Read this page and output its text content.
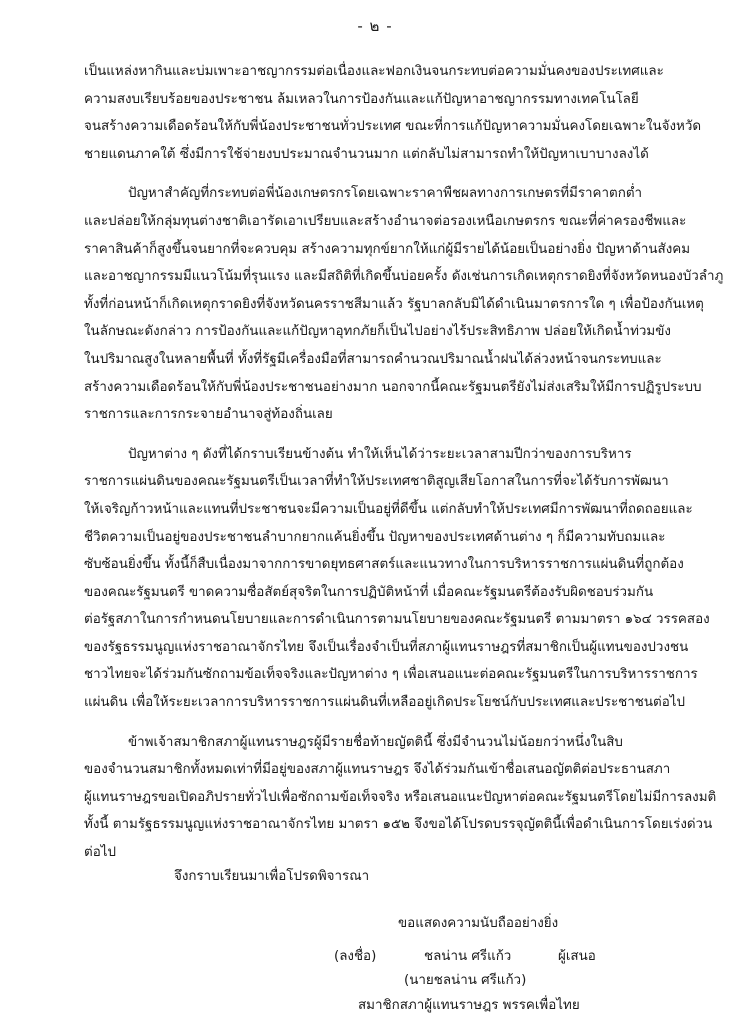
- ๒ -

เป็นแหล่งหากินและบ่มเพาะอาชญากรรมต่อเนื่องและฟอกเงินจนกระทบต่อความมั่นคงของประเทศและ
ความสงบเรียบร้อยของประชาชน ล้มเหลวในการป้องกันและแก้ปัญหาอาชญากรรมทางเทคโนโลยี
จนสร้างความเดือดร้อนให้กับพี่น้องประชาชนทั่วประเทศ ขณะที่การแก้ปัญหาความมั่นคงโดยเฉพาะในจังหวัด
ชายแดนภาคใต้ ซึ่งมีการใช้จ่ายงบประมาณจำนวนมาก แต่กลับไม่สามารถทำให้ปัญหาเบาบางลงได้

ปัญหาสำคัญที่กระทบต่อพี่น้องเกษตรกรโดยเฉพาะราคาพืชผลทางการเกษตรที่มีราคาตกต่ำ
และปล่อยให้กลุ่มทุนต่างชาติเอารัดเอาเปรียบและสร้างอำนาจต่อรองเหนือเกษตรกร ขณะที่ค่าครองชีพและ
ราคาสินค้าก็สูงขึ้นจนยากที่จะควบคุม สร้างความทุกข์ยากให้แก่ผู้มีรายได้น้อยเป็นอย่างยิ่ง ปัญหาด้านสังคม
และอาชญากรรมมีแนวโน้มที่รุนแรง และมีสถิติที่เกิดขึ้นบ่อยครั้ง ดังเช่นการเกิดเหตุกราดยิงที่จังหวัดหนองบัวลำภู
ทั้งที่ก่อนหน้าก็เกิดเหตุกราดยิงที่จังหวัดนครราชสีมาแล้ว รัฐบาลกลับมิได้ดำเนินมาตรการใด ๆ เพื่อป้องกันเหตุ
ในลักษณะดังกล่าว การป้องกันและแก้ปัญหาอุทกภัยก็เป็นไปอย่างไร้ประสิทธิภาพ ปล่อยให้เกิดน้ำท่วมขัง
ในปริมาณสูงในหลายพื้นที่ ทั้งที่รัฐมีเครื่องมือที่สามารถคำนวณปริมาณน้ำฝนได้ล่วงหน้าจนกระทบและ
สร้างความเดือดร้อนให้กับพี่น้องประชาชนอย่างมาก นอกจากนี้คณะรัฐมนตรียังไม่ส่งเสริมให้มีการปฏิรูประบบ
ราชการและการกระจายอำนาจสู่ท้องถิ่นเลย

ปัญหาต่าง ๆ ดังที่ได้กราบเรียนข้างต้น ทำให้เห็นได้ว่าระยะเวลาสามปีกว่าของการบริหาร
ราชการแผ่นดินของคณะรัฐมนตรีเป็นเวลาที่ทำให้ประเทศชาติสูญเสียโอกาสในการที่จะได้รับการพัฒนา
ให้เจริญก้าวหน้าและแทนที่ประชาชนจะมีความเป็นอยู่ที่ดีขึ้น แต่กลับทำให้ประเทศมีการพัฒนาที่ถดถอยและ
ชีวิตความเป็นอยู่ของประชาชนลำบากยากแค้นยิ่งขึ้น ปัญหาของประเทศด้านต่าง ๆ ก็มีความทับถมและ
ซับซ้อนยิ่งขึ้น ทั้งนี้ก็สืบเนื่องมาจากการขาดยุทธศาสตร์และแนวทางในการบริหารราชการแผ่นดินที่ถูกต้อง
ของคณะรัฐมนตรี ขาดความซื่อสัตย์สุจริตในการปฏิบัติหน้าที่ เมื่อคณะรัฐมนตรีต้องรับผิดชอบร่วมกัน
ต่อรัฐสภาในการกำหนดนโยบายและการดำเนินการตามนโยบายของคณะรัฐมนตรี ตามมาตรา ๑๖๔ วรรคสอง
ของรัฐธรรมนูญแห่งราชอาณาจักรไทย จึงเป็นเรื่องจำเป็นที่สภาผู้แทนราษฎรที่สมาชิกเป็นผู้แทนของปวงชน
ชาวไทยจะได้ร่วมกันซักถามข้อเท็จจริงและปัญหาต่าง ๆ เพื่อเสนอแนะต่อคณะรัฐมนตรีในการบริหารราชการ
แผ่นดิน เพื่อให้ระยะเวลาการบริหารราชการแผ่นดินที่เหลืออยู่เกิดประโยชน์กับประเทศและประชาชนต่อไป

ข้าพเจ้าสมาชิกสภาผู้แทนราษฎรผู้มีรายชื่อท้ายญัตตินี้ ซึ่งมีจำนวนไม่น้อยกว่าหนึ่งในสิบ
ของจำนวนสมาชิกทั้งหมดเท่าที่มีอยู่ของสภาผู้แทนราษฎร จึงได้ร่วมกันเข้าชื่อเสนอญัตติต่อประธานสภา
ผู้แทนราษฎรขอเปิดอภิปรายทั่วไปเพื่อซักถามข้อเท็จจริง หรือเสนอแนะปัญหาต่อคณะรัฐมนตรีโดยไม่มีการลงมติ
ทั้งนี้ ตามรัฐธรรมนูญแห่งราชอาณาจักรไทย มาตรา ๑๕๒ จึงขอได้โปรดบรรจุญัตตินี้เพื่อดำเนินการโดยเร่งด่วน
ต่อไป

จึงกราบเรียนมาเพื่อโปรดพิจารณา
ขอแสดงความนับถืออย่างยิ่ง
(ลงชื่อ)	ชลน่าน ศรีแก้ว	ผู้เสนอ
(นายชลน่าน ศรีแก้ว)
สมาชิกสภาผู้แทนราษฎร พรรคเพื่อไทย
